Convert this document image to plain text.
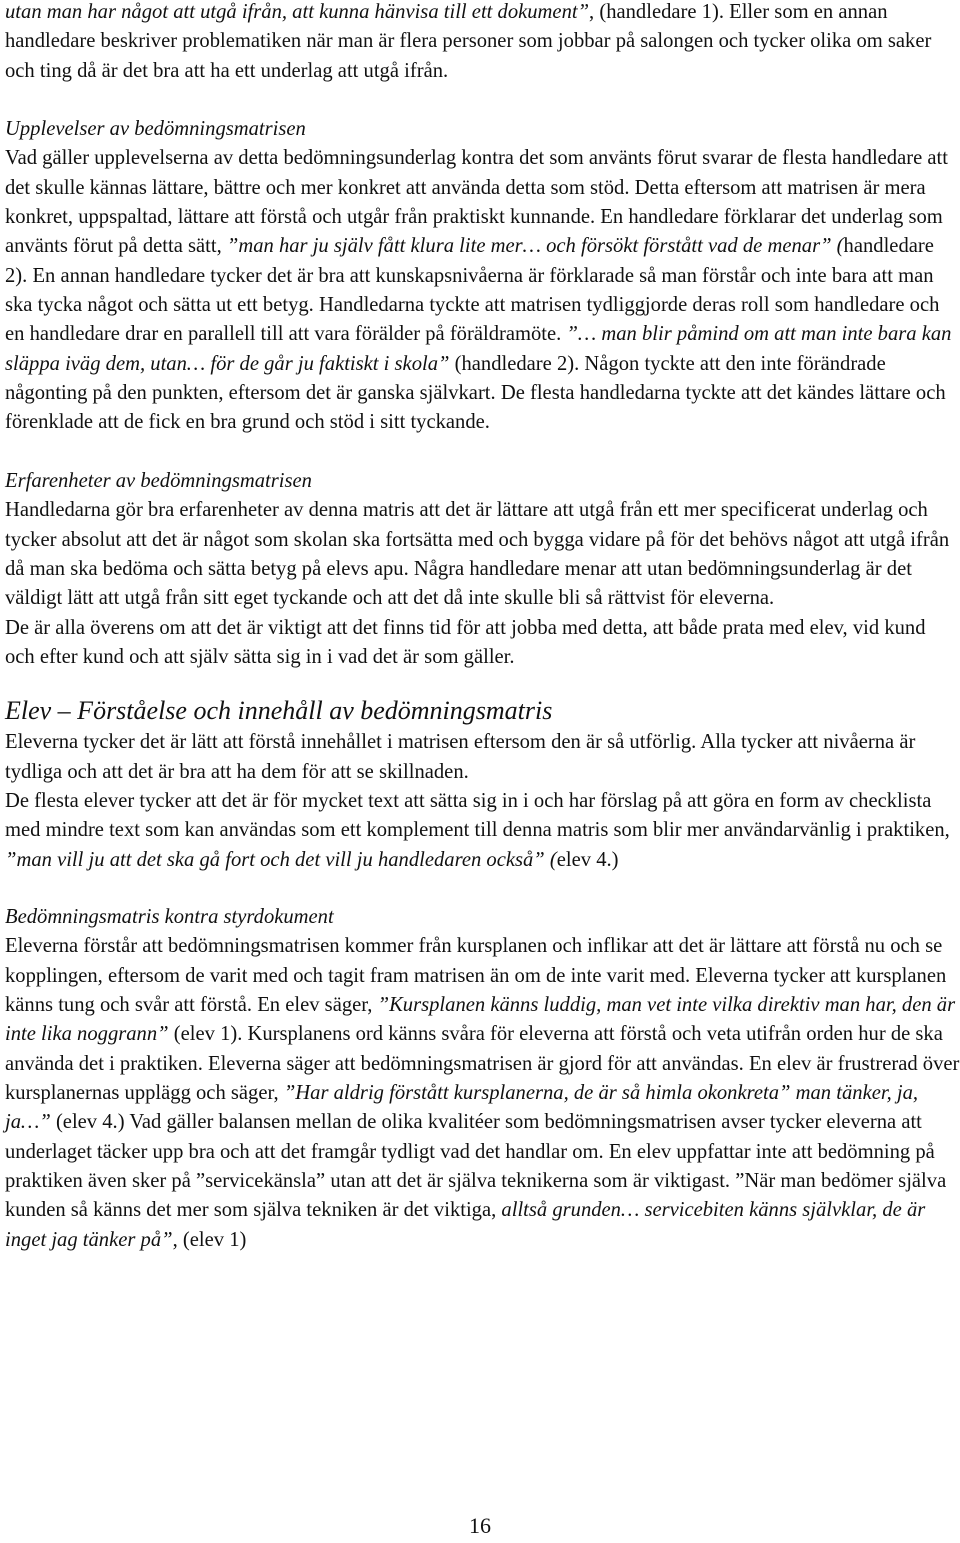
utan man har något att utgå ifrån, att kunna hänvisa till ett dokument”, (handledare 1). Eller som en annan handledare beskriver problematiken när man är flera personer som jobbar på salongen och tycker olika om saker och ting då är det bra att ha ett underlag att utgå ifrån.

Upplevelser av bedömningsmatrisen

Vad gäller upplevelserna av detta bedömningsunderlag kontra det som använts förut svarar de flesta handledare att det skulle kännas lättare, bättre och mer konkret att använda detta som stöd. Detta eftersom att matrisen är mera konkret, uppspaltad, lättare att förstå och utgår från praktiskt kunnande. En handledare förklarar det underlag som använts förut på detta sätt, ”man har ju själv fått klura lite mer… och försökt förstått vad de menar” (handledare 2). En annan handledare tycker det är bra att kunskapsnivåerna är förklarade så man förstår och inte bara att man ska tycka något och sätta ut ett betyg. Handledarna tyckte att matrisen tydliggjorde deras roll som handledare och en handledare drar en parallell till att vara förälder på föräldramöte. ”… man blir påmind om att man inte bara kan släppa iväg dem, utan… för de går ju faktiskt i skola” (handledare 2). Någon tyckte att den inte förändrade någonting på den punkten, eftersom det är ganska självkart. De flesta handledarna tyckte att det kändes lättare och förenklade att de fick en bra grund och stöd i sitt tyckande.

Erfarenheter av bedömningsmatrisen

Handledarna gör bra erfarenheter av denna matris att det är lättare att utgå från ett mer specificerat underlag och tycker absolut att det är något som skolan ska fortsätta med och bygga vidare på för det behövs något att utgå ifrån då man ska bedöma och sätta betyg på elevs apu. Några handledare menar att utan bedömningsunderlag är det väldigt lätt att utgå från sitt eget tyckande och att det då inte skulle bli så rättvist för eleverna.

De är alla överens om att det är viktigt att det finns tid för att jobba med detta, att både prata med elev, vid kund och efter kund och att själv sätta sig in i vad det är som gäller.

Elev – Förståelse och innehåll av bedömningsmatris

Eleverna tycker det är lätt att förstå innehållet i matrisen eftersom den är så utförlig. Alla tycker att nivåerna är tydliga och att det är bra att ha dem för att se skillnaden.

De flesta elever tycker att det är för mycket text att sätta sig in i och har förslag på att göra en form av checklista med mindre text som kan användas som ett komplement till denna matris som blir mer användarvänlig i praktiken, ”man vill ju att det ska gå fort och det vill ju handledaren också” (elev 4.)

Bedömningsmatris kontra styrdokument

Eleverna förstår att bedömningsmatrisen kommer från kursplanen och inflikar att det är lättare att förstå nu och se kopplingen, eftersom de varit med och tagit fram matrisen än om de inte varit med. Eleverna tycker att kursplanen känns tung och svår att förstå. En elev säger, ”Kursplanen känns luddig, man vet inte vilka direktiv man har, den är inte lika noggrann” (elev 1). Kursplanens ord känns svåra för eleverna att förstå och veta utifrån orden hur de ska använda det i praktiken. Eleverna säger att bedömningsmatrisen är gjord för att användas. En elev är frustrerad över kursplanernas upplägg och säger, ”Har aldrig förstått kursplanerna, de är så himla okonkreta” man tänker, ja, ja…” (elev 4.) Vad gäller balansen mellan de olika kvalitéer som bedömningsmatrisen avser tycker eleverna att underlaget täcker upp bra och att det framgår tydligt vad det handlar om. En elev uppfattar inte att bedömning på praktiken även sker på ”servicekänsla” utan att det är själva teknikerna som är viktigast. ”När man bedömer själva kunden så känns det mer som själva tekniken är det viktiga, alltså grunden… servicebiten känns självklar, de är inget jag tänker på”, (elev 1)

16
